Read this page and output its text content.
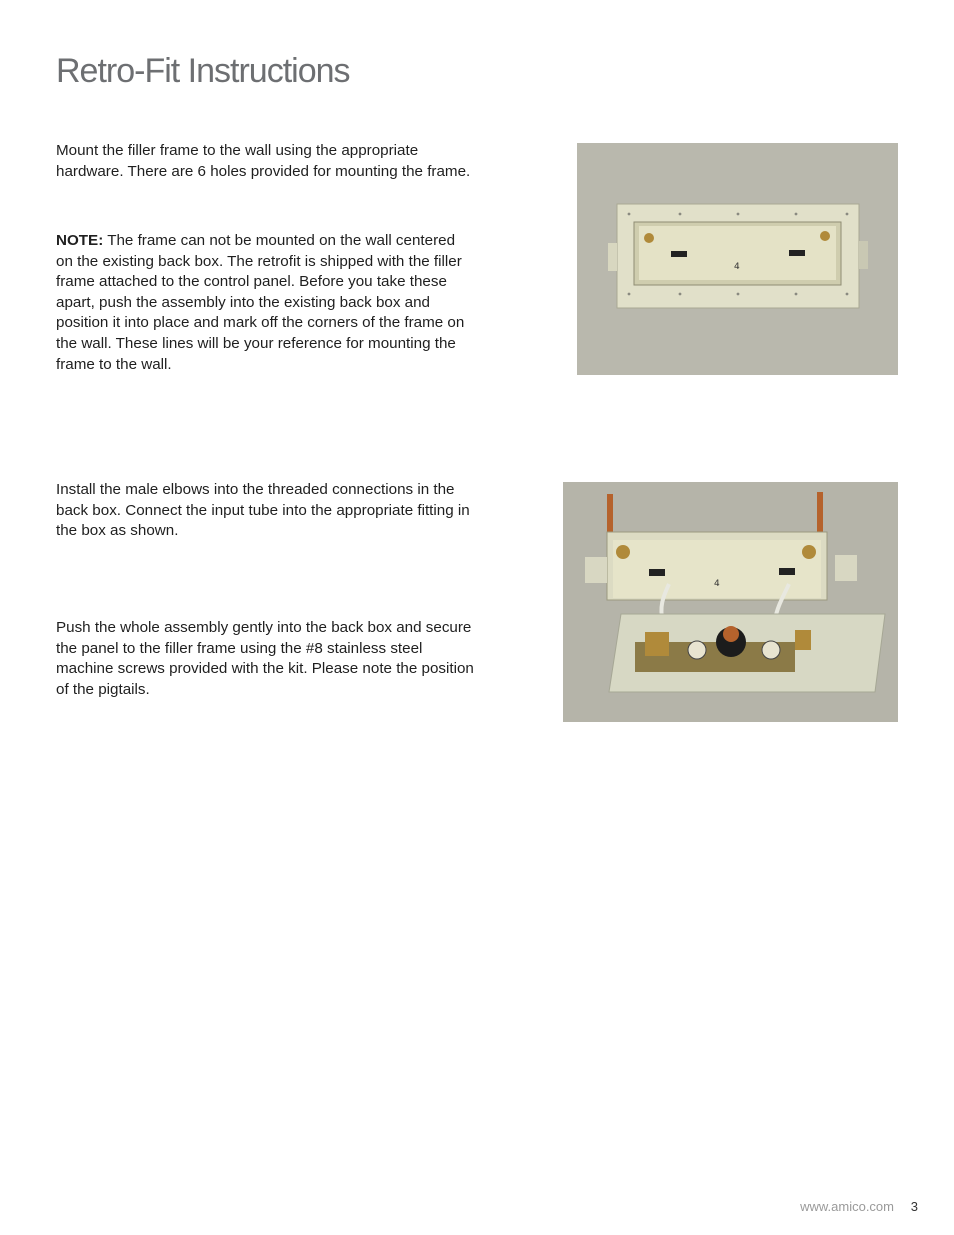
Retro-Fit Instructions

Mount the filler frame to the wall using the appropriate hardware. There are 6 holes provided for mounting the frame.

NOTE: The frame can not be mounted on the wall centered on the existing back box. The retrofit is shipped with the filler frame attached to the control panel. Before you take these apart, push the assembly into the existing back box and position it into place and mark off the corners of the frame on the wall. These lines will be your reference for mounting the frame to the wall.

Install the male elbows into the threaded connections in the back box. Connect the input tube into the appropriate fitting in the box as shown.

Push the whole assembly gently into the back box and secure the panel to the filler frame using the #8 stainless steel machine screws provided with the kit. Please note the position of the pigtails.

4
4
www.amico.com 3
